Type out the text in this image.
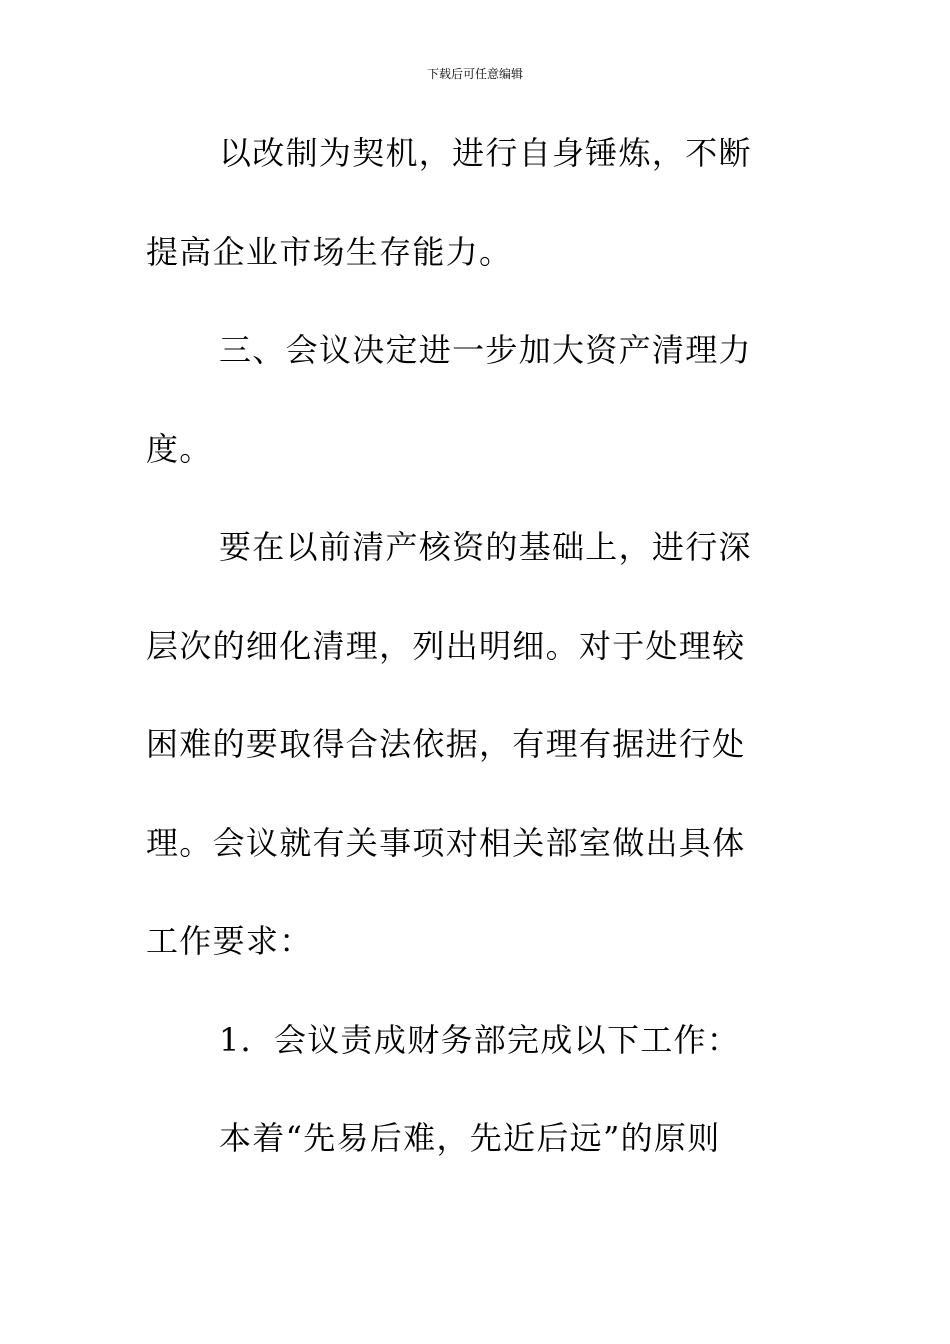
下载后可任意编辑
以改制为契机，进行自身锤炼，不断
提高企业市场生存能力。
三、会议决定进一步加大资产清理力
度。
要在以前清产核资的基础上，进行深
层次的细化清理，列出明细。对于处理较
困难的要取得合法依据，有理有据进行处
理。会议就有关事项对相关部室做出具体
工作要求：
1．会议责成财务部完成以下工作：
本着“先易后难，先近后远”的原则
